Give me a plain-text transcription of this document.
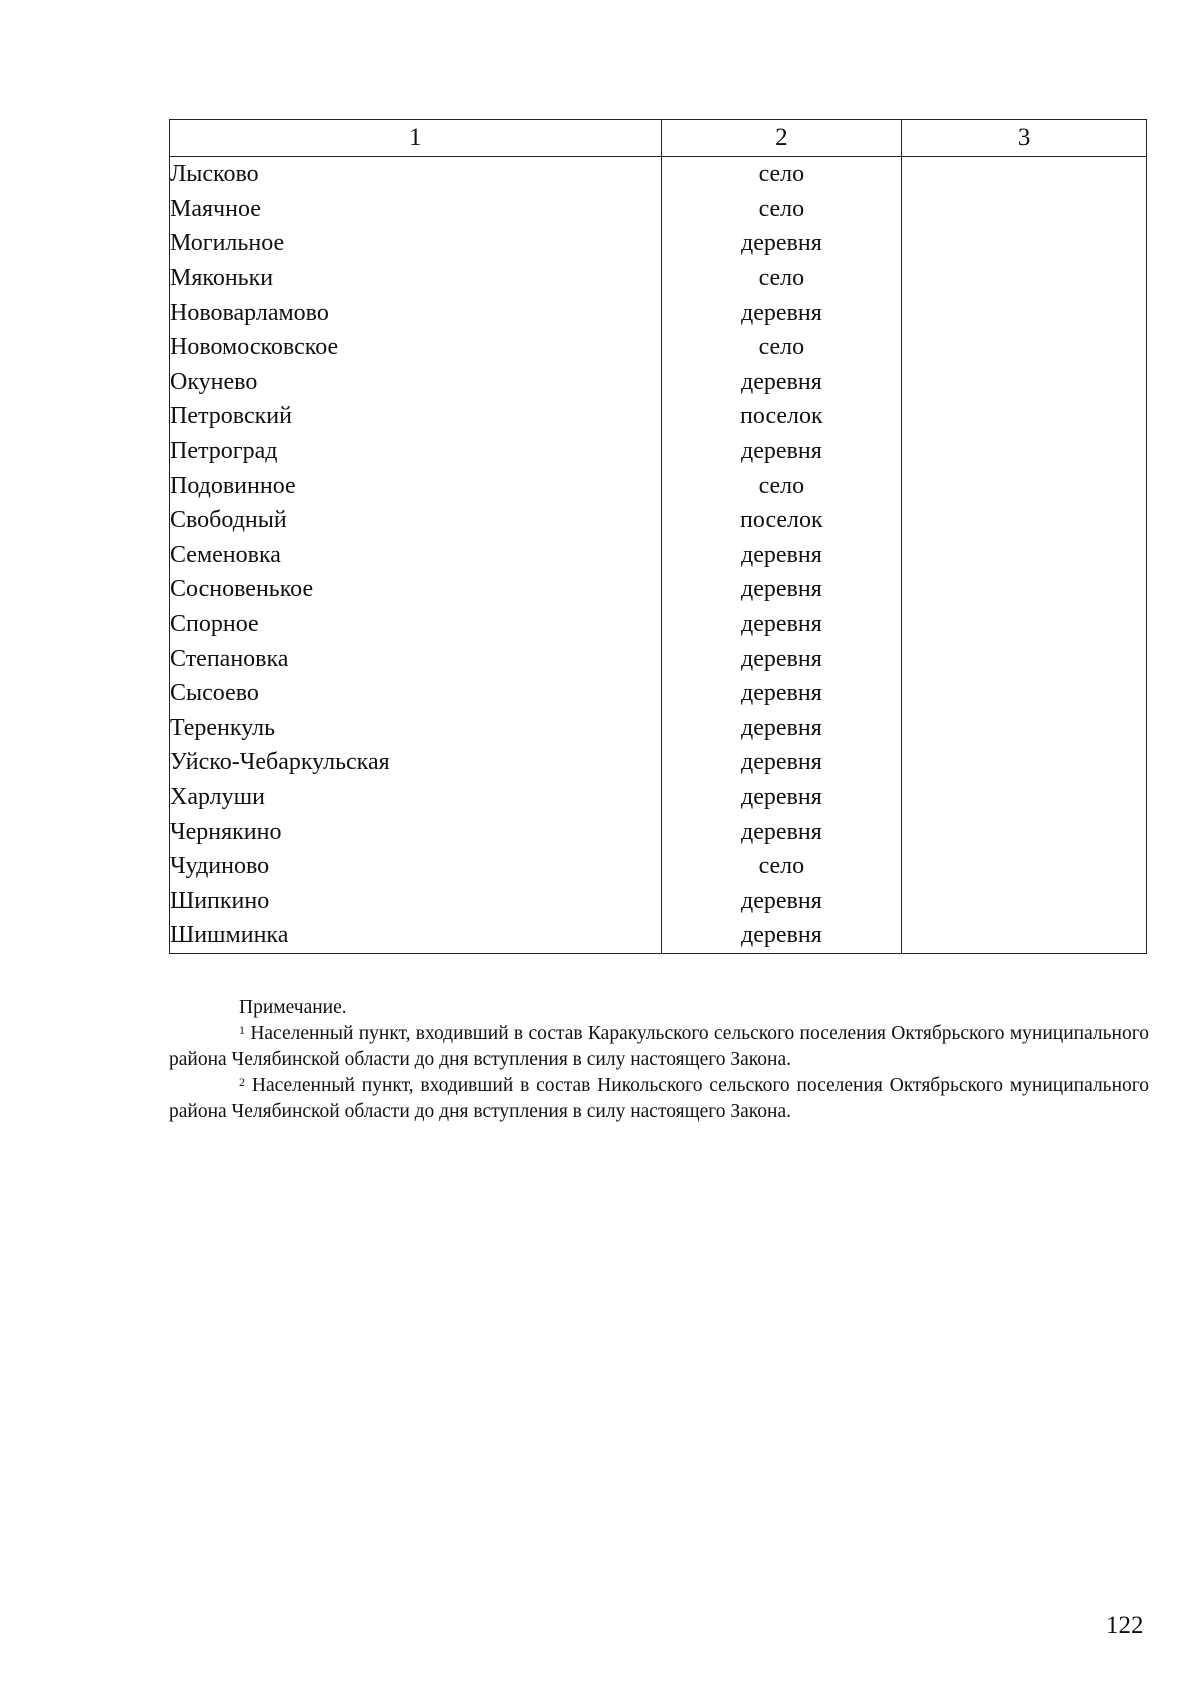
1	2	3
Лысково	село	
Маячное	село	
Могильное	деревня	
Мяконьки	село	
Нововарламово	деревня	
Новомосковское	село	
Окунево	деревня	
Петровский	поселок	
Петроград	деревня	
Подовинное	село	
Свободный	поселок	
Семеновка	деревня	
Сосновенькое	деревня	
Спорное	деревня	
Степановка	деревня	
Сысоево	деревня	
Теренкуль	деревня	
Уйско-Чебаркульская	деревня	
Харлуши	деревня	
Чернякино	деревня	
Чудиново	село	
Шипкино	деревня	
Шишминка	деревня	
Примечание.
$^1$ Населенный пункт, входивший в состав Каракульского сельского поселения Октябрьского муниципального района Челябинской области до дня вступления в силу настоящего Закона.
$^2$ Населенный пункт, входивший в состав Никольского сельского поселения Октябрьского муниципального района Челябинской области до дня вступления в силу настоящего Закона.
122
